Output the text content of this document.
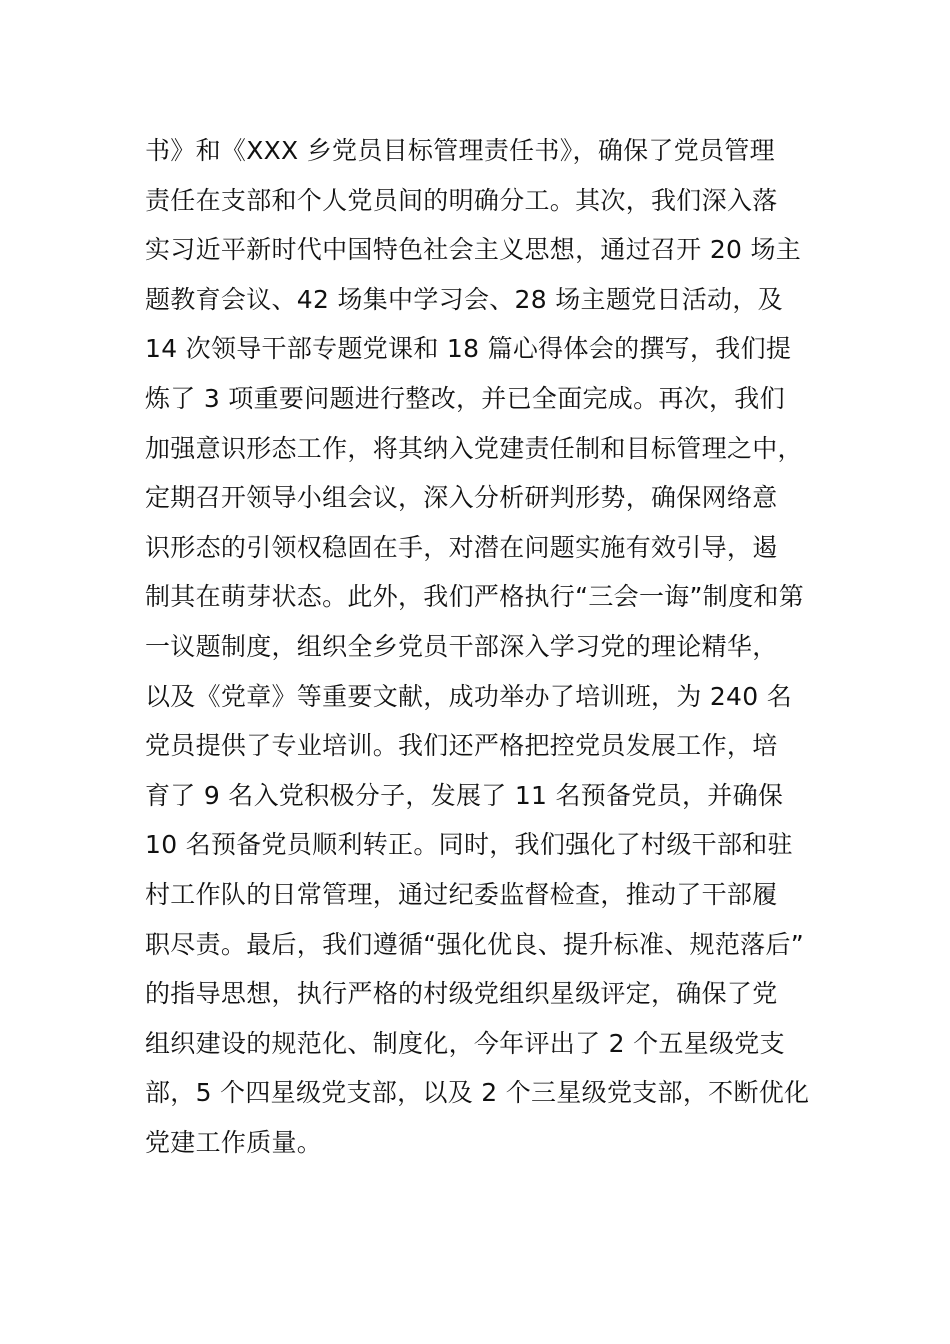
书》和《XXX 乡党员目标管理责任书》，确保了党员管理
责任在支部和个人党员间的明确分工。其次，我们深入落
实习近平新时代中国特色社会主义思想，通过召开 20 场主
题教育会议、42 场集中学习会、28 场主题党日活动，及
14 次领导干部专题党课和 18 篇心得体会的撰写，我们提
炼了 3 项重要问题进行整改，并已全面完成。再次，我们
加强意识形态工作，将其纳入党建责任制和目标管理之中，
定期召开领导小组会议，深入分析研判形势，确保网络意
识形态的引领权稳固在手，对潜在问题实施有效引导，遏
制其在萌芽状态。此外，我们严格执行“三会一诲”制度和第
一议题制度，组织全乡党员干部深入学习党的理论精华，
以及《党章》等重要文献，成功举办了培训班，为 240 名
党员提供了专业培训。我们还严格把控党员发展工作，培
育了 9 名入党积极分子，发展了 11 名预备党员，并确保
10 名预备党员顺利转正。同时，我们强化了村级干部和驻
村工作队的日常管理，通过纪委监督检查，推动了干部履
职尽责。最后，我们遵循“强化优良、提升标准、规范落后”
的指导思想，执行严格的村级党组织星级评定，确保了党
组织建设的规范化、制度化，今年评出了 2 个五星级党支
部，5 个四星级党支部，以及 2 个三星级党支部，不断优化
党建工作质量。
